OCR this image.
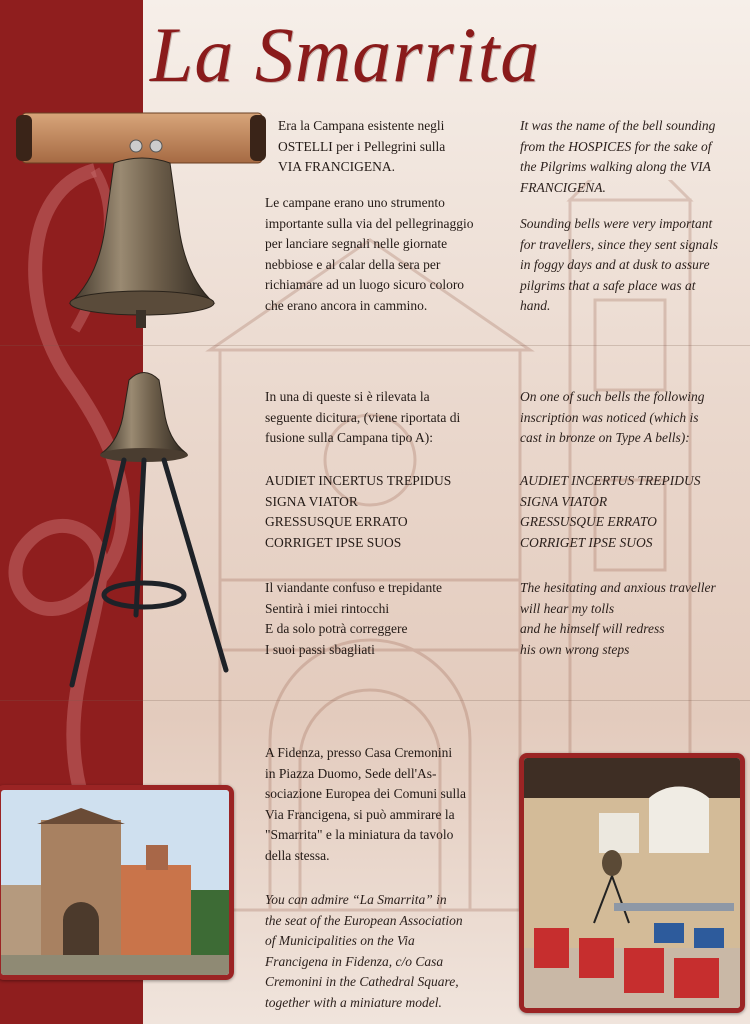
La Smarrita

Era la Campana esistente negli
OSTELLI per i Pellegrini sulla
VIA FRANCIGENA.

Le campane erano uno strumento
importante sulla via del pellegrinaggio
per lanciare segnali nelle giornate
nebbiose e al calar della sera per
richiamare ad un luogo sicuro coloro
che erano ancora in cammino.

In una di queste si è rilevata la
seguente dicitura, (viene riportata di
fusione sulla Campana tipo A):

AUDIET INCERTUS TREPIDUS
SIGNA VIATOR
GRESSUSQUE ERRATO
CORRIGET IPSE SUOS

Il viandante confuso e trepidante
Sentirà i miei rintocchi
E da solo potrà correggere
I suoi passi sbagliati

A Fidenza, presso Casa Cremonini
in Piazza Duomo, Sede dell'As-
sociazione Europea dei Comuni sulla
Via Francigena, si può ammirare la
"Smarrita" e la miniatura da tavolo
della stessa.

You can admire “La Smarrita” in
the seat of the European Association
of Municipalities on the Via
Francigena in Fidenza, c/o Casa
Cremonini in the Cathedral Square,
together with a miniature model.

It was the name of the bell sounding
from the HOSPICES for the sake of
the Pilgrims walking along the VIA
FRANCIGENA.

Sounding bells were very important
for travellers, since they sent signals
in foggy days and at dusk to assure
pilgrims that a safe place was at
hand.

On one of such bells the following
inscription was noticed (which is
cast in bronze on Type A bells):

AUDIET INCERTUS TREPIDUS
SIGNA VIATOR
GRESSUSQUE ERRATO
CORRIGET IPSE SUOS

The hesitating and anxious traveller
will hear my tolls
and he himself will redress
his own wrong steps
